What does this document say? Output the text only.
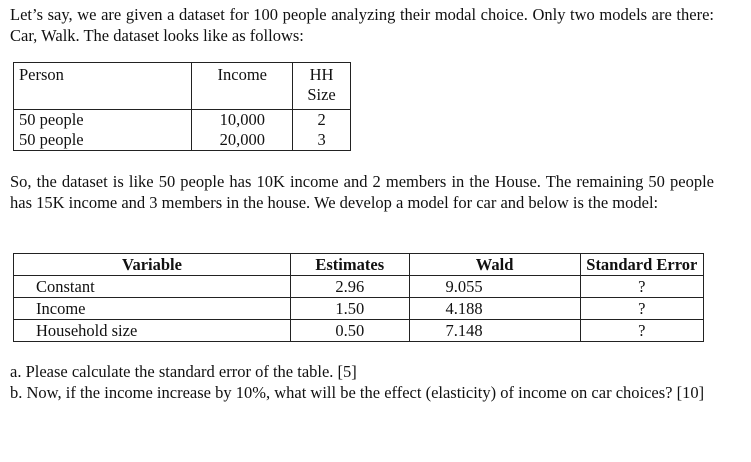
Let’s say, we are given a dataset for 100 people analyzing their modal choice. Only two models are there: Car, Walk. The dataset looks like as follows:

Person	Income	HH
Size

50 people	10,000	2
50 people	20,000	3

So, the dataset is like 50 people has 10K income and 2 members in the House. The remaining 50 people has 15K income and 3 members in the house. We develop a model for car and below is the model:

Variable	Estimates	Wald	Standard Error
Constant	2.96	9.055	?
Income	1.50	4.188	?
Household size	0.50	7.148	?
a. Please calculate the standard error of the table. [5]
b. Now, if the income increase by 10%, what will be the effect (elasticity) of income on car choices? [10]
